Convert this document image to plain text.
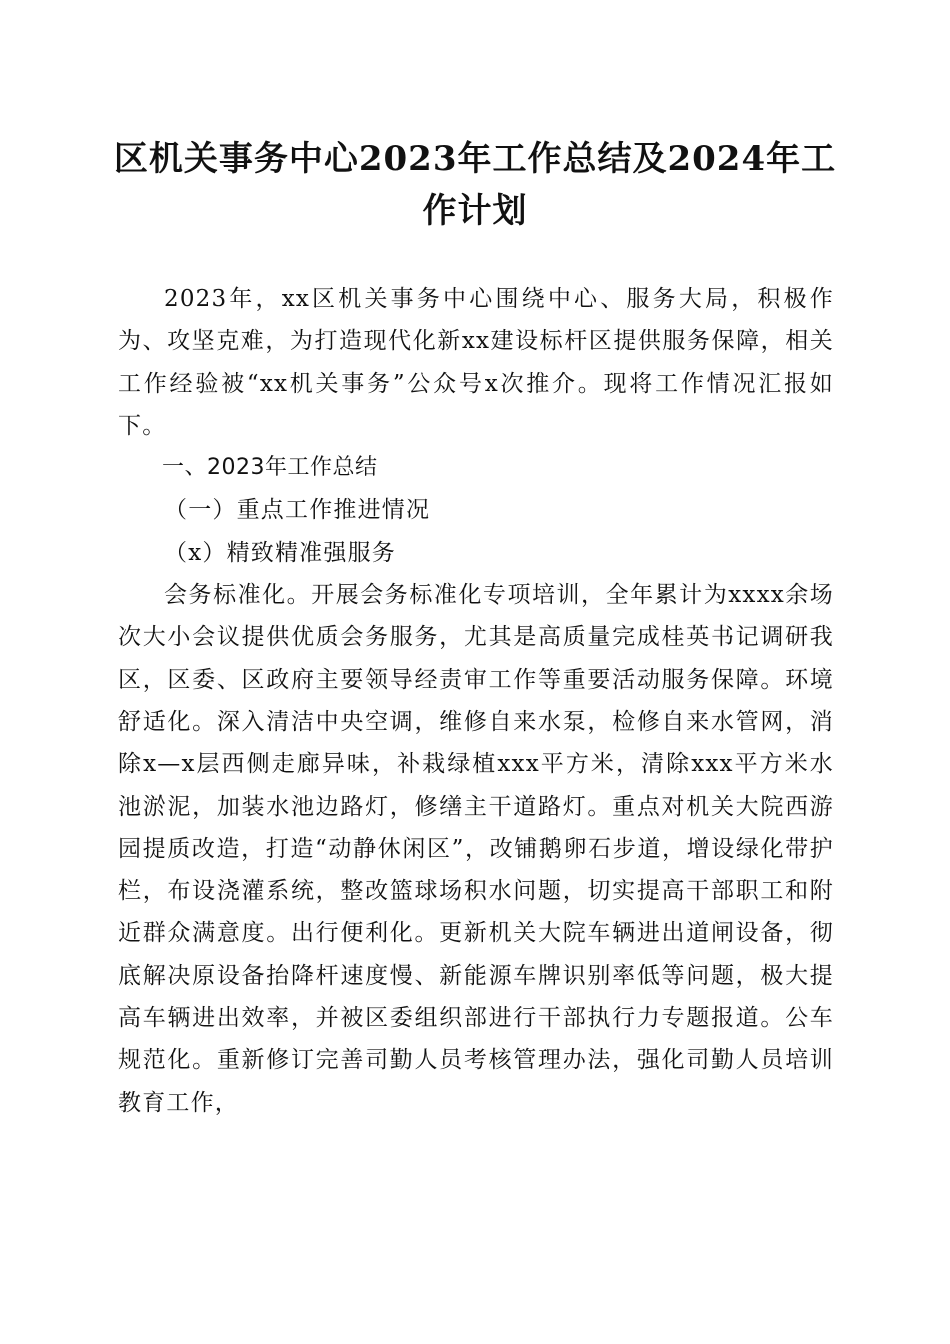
区机关事务中心2023年工作总结及2024年工作计划

2023年，xx区机关事务中心围绕中心、服务大局，积极作为、攻坚克难，为打造现代化新xx建设标杆区提供服务保障，相关工作经验被“xx机关事务”公众号x次推介。现将工作情况汇报如下。

一、2023年工作总结

（一）重点工作推进情况

（x）精致精准强服务

会务标准化。开展会务标准化专项培训，全年累计为xxxx余场次大小会议提供优质会务服务，尤其是高质量完成桂英书记调研我区，区委、区政府主要领导经责审工作等重要活动服务保障。环境舒适化。深入清洁中央空调，维修自来水泵，检修自来水管网，消除x—x层西侧走廊异味，补栽绿植xxx平方米，清除xxx平方米水池淤泥，加装水池边路灯，修缮主干道路灯。重点对机关大院西游园提质改造，打造“动静休闲区”，改铺鹅卵石步道，增设绿化带护栏，布设浇灌系统，整改篮球场积水问题，切实提高干部职工和附近群众满意度。出行便利化。更新机关大院车辆进出道闸设备，彻底解决原设备抬降杆速度慢、新能源车牌识别率低等问题，极大提高车辆进出效率，并被区委组织部进行干部执行力专题报道。公车规范化。重新修订完善司勤人员考核管理办法，强化司勤人员培训教育工作，
